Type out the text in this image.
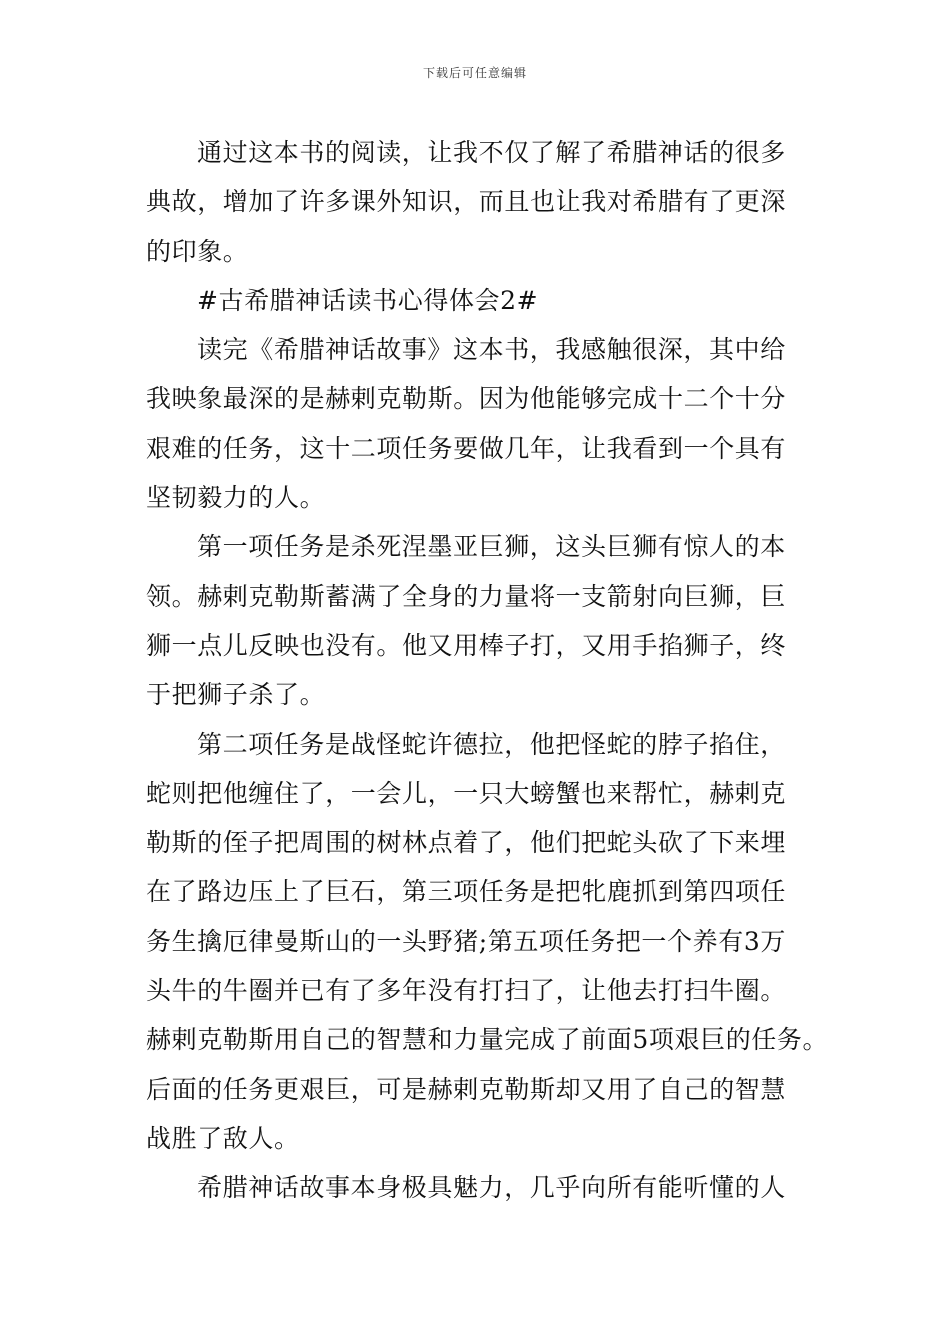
下载后可任意编辑
通过这本书的阅读，让我不仅了解了希腊神话的很多
典故，增加了许多课外知识，而且也让我对希腊有了更深
的印象。
#古希腊神话读书心得体会2#
读完《希腊神话故事》这本书，我感触很深，其中给
我映象最深的是赫剌克勒斯。因为他能够完成十二个十分
艰难的任务，这十二项任务要做几年，让我看到一个具有
坚韧毅力的人。
第一项任务是杀死涅墨亚巨狮，这头巨狮有惊人的本
领。赫剌克勒斯蓄满了全身的力量将一支箭射向巨狮，巨
狮一点儿反映也没有。他又用棒子打，又用手掐狮子，终
于把狮子杀了。
第二项任务是战怪蛇许德拉，他把怪蛇的脖子掐住，
蛇则把他缠住了，一会儿，一只大螃蟹也来帮忙，赫剌克
勒斯的侄子把周围的树林点着了，他们把蛇头砍了下来埋
在了路边压上了巨石，第三项任务是把牝鹿抓到第四项任
务生擒厄律曼斯山的一头野猪;第五项任务把一个养有3万
头牛的牛圈并已有了多年没有打扫了，让他去打扫牛圈。
赫剌克勒斯用自己的智慧和力量完成了前面5项艰巨的任务。
后面的任务更艰巨，可是赫剌克勒斯却又用了自己的智慧
战胜了敌人。
希腊神话故事本身极具魅力，几乎向所有能听懂的人
